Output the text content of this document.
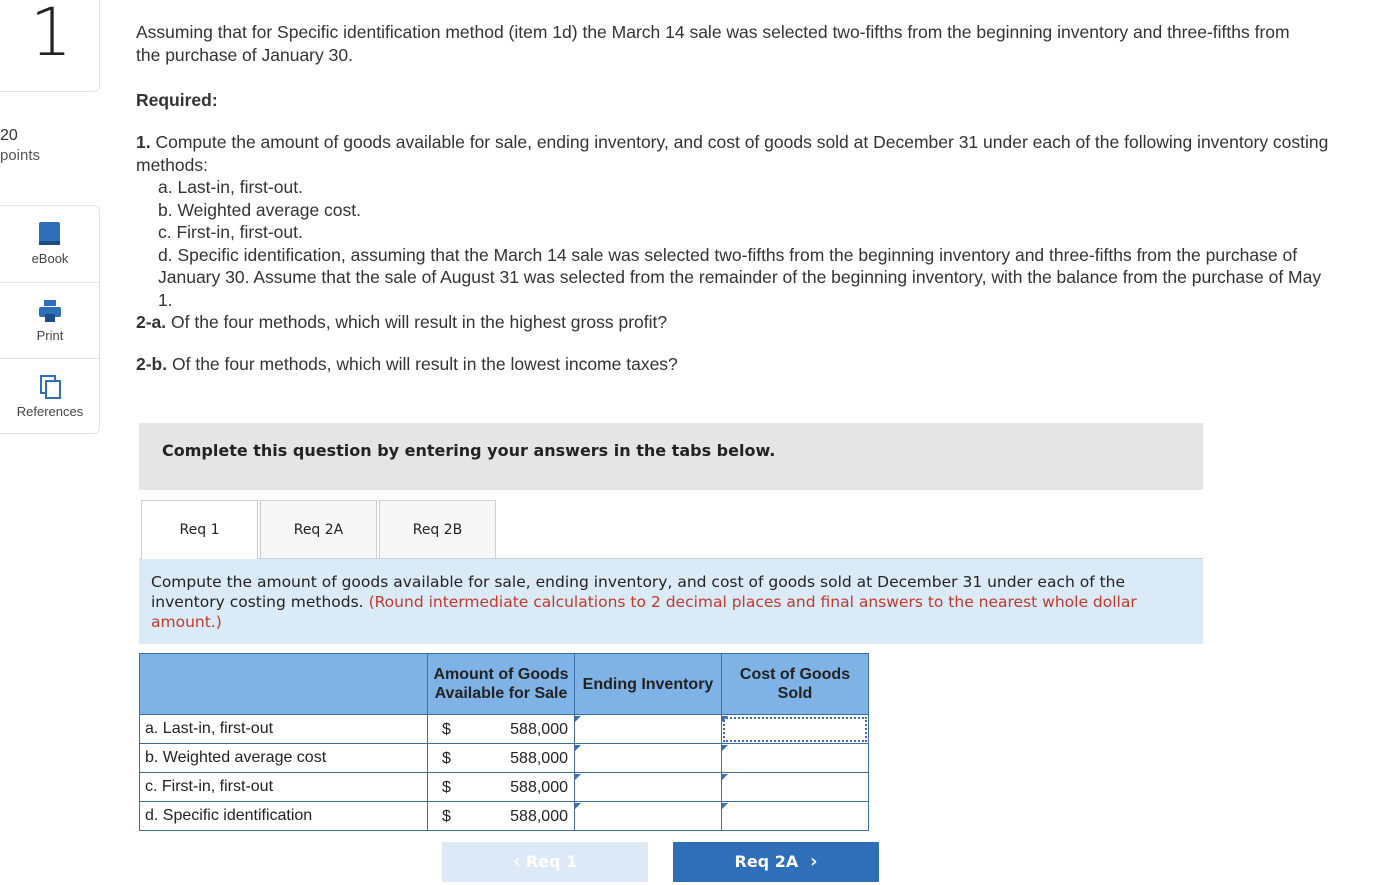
1
20
points
eBook
Print
References
Assuming that for Specific identification method (item 1d) the March 14 sale was selected two-fifths from the beginning inventory and three-fifths from the purchase of January 30.
Required:
1. Compute the amount of goods available for sale, ending inventory, and cost of goods sold at December 31 under each of the following inventory costing methods:
a. Last-in, first-out.
b. Weighted average cost.
c. First-in, first-out.
d. Specific identification, assuming that the March 14 sale was selected two-fifths from the beginning inventory and three-fifths from the purchase of January 30. Assume that the sale of August 31 was selected from the remainder of the beginning inventory, with the balance from the purchase of May 1.
2-a. Of the four methods, which will result in the highest gross profit?
2-b. Of the four methods, which will result in the lowest income taxes?
Complete this question by entering your answers in the tabs below.
Req 1	Req 2A	Req 2B
Compute the amount of goods available for sale, ending inventory, and cost of goods sold at December 31 under each of the inventory costing methods. (Round intermediate calculations to 2 decimal places and final answers to the nearest whole dollar amount.)
	Amount of Goods Available for Sale	Ending Inventory	Cost of Goods Sold
a. Last-in, first-out	$ 588,000		

b. Weighted average cost	$ 588,000		

c. First-in, first-out	$ 588,000		

d. Specific identification	$ 588,000		

‹ Req 1	Req 2A  ›
